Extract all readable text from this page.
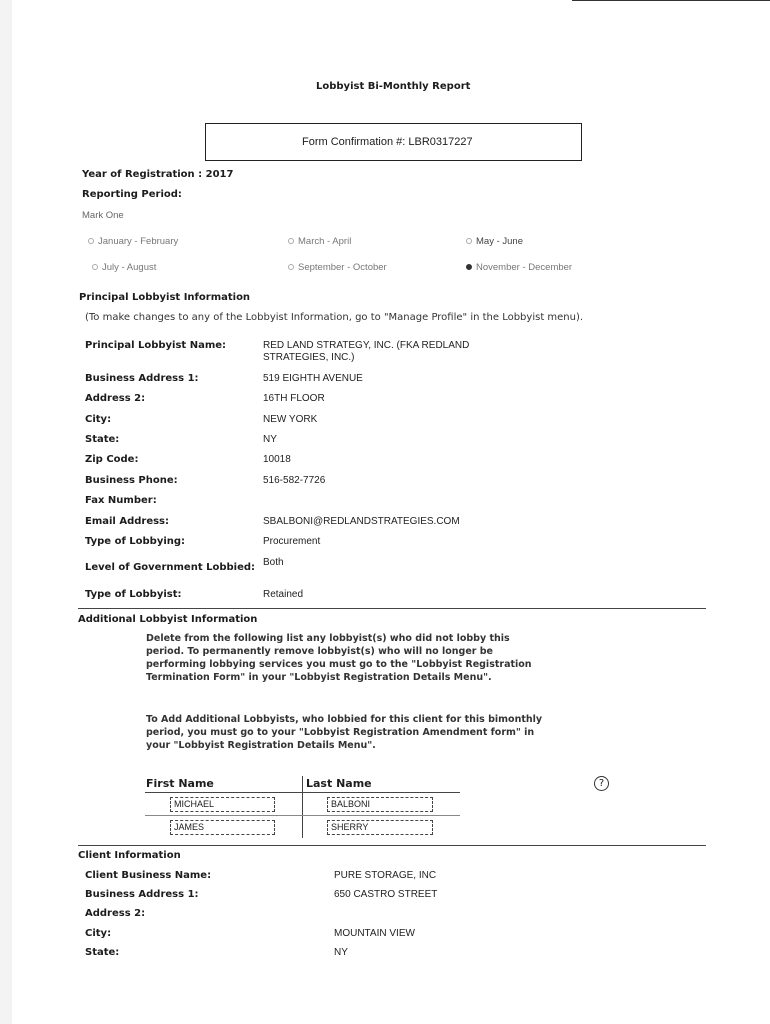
Lobbyist Bi-Monthly Report
Form Confirmation #: LBR0317227
Year of Registration : 2017
Reporting Period:
Mark One
January - February	March - April	May - June
July - August	September - October	November - December
Principal Lobbyist Information
(To make changes to any of the Lobbyist Information, go to "Manage Profile" in the Lobbyist menu).
Principal Lobbyist Name:	RED LAND STRATEGY, INC. (FKA REDLAND
STRATEGIES, INC.)
Business Address 1:	519 EIGHTH AVENUE
Address 2:	16TH FLOOR
City:	NEW YORK
State:	NY
Zip Code:	10018
Business Phone:	516-582-7726
Fax Number:
Email Address:	SBALBONI@REDLANDSTRATEGIES.COM
Type of Lobbying:	Procurement
Level of Government Lobbied: Both
Type of Lobbyist:	Retained
Additional Lobbyist Information
Delete from the following list any lobbyist(s) who did not lobby this period. To permanently remove lobbyist(s) who will no longer be performing lobbying services you must go to the "Lobbyist Registration Termination Form" in your "Lobbyist Registration Details Menu".
To Add Additional Lobbyists, who lobbied for this client for this bimonthly period, you must go to your "Lobbyist Registration Amendment form" in your "Lobbyist Registration Details Menu".
First Name	Last Name	?
MICHAEL	BALBONI
JAMES	SHERRY
Client Information
Client Business Name:	PURE STORAGE, INC
Business Address 1:	650 CASTRO STREET
Address 2:
City:	MOUNTAIN VIEW
State:	NY
